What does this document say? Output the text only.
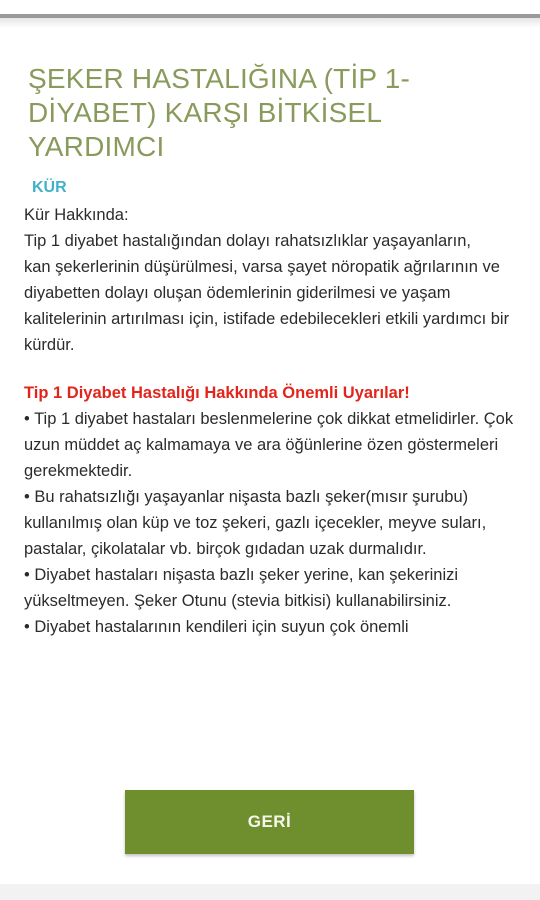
ŞEKER HASTALIĞINA (TİP 1-DİYABET) KARŞI BİTKİSEL YARDIMCI
KÜR

Kür Hakkında:

Tip 1 diyabet hastalığından dolayı rahatsızlıklar yaşayanların,

kan şekerlerinin düşürülmesi, varsa şayet nöropatik ağrılarının ve diyabetten dolayı oluşan ödemlerinin giderilmesi ve yaşam kalitelerinin artırılması için, istifade edebilecekleri etkili yardımcı bir kürdür.

Tip 1 Diyabet Hastalığı Hakkında Önemli Uyarılar!

• Tip 1 diyabet hastaları beslenmelerine çok dikkat etmelidirler. Çok uzun müddet aç kalmamaya ve ara öğünlerine özen göstermeleri gerekmektedir.

• Bu rahatsızlığı yaşayanlar nişasta bazlı şeker(mısır şurubu) kullanılmış olan küp ve toz şekeri, gazlı içecekler, meyve suları, pastalar, çikolatalar vb. birçok gıdadan uzak durmalıdır.

• Diyabet hastaları nişasta bazlı şeker yerine, kan şekerinizi yükseltmeyen. Şeker Otunu (stevia bitkisi) kullanabilirsiniz.

• Diyabet hastalarının kendileri için suyun çok önemli

GERİ
